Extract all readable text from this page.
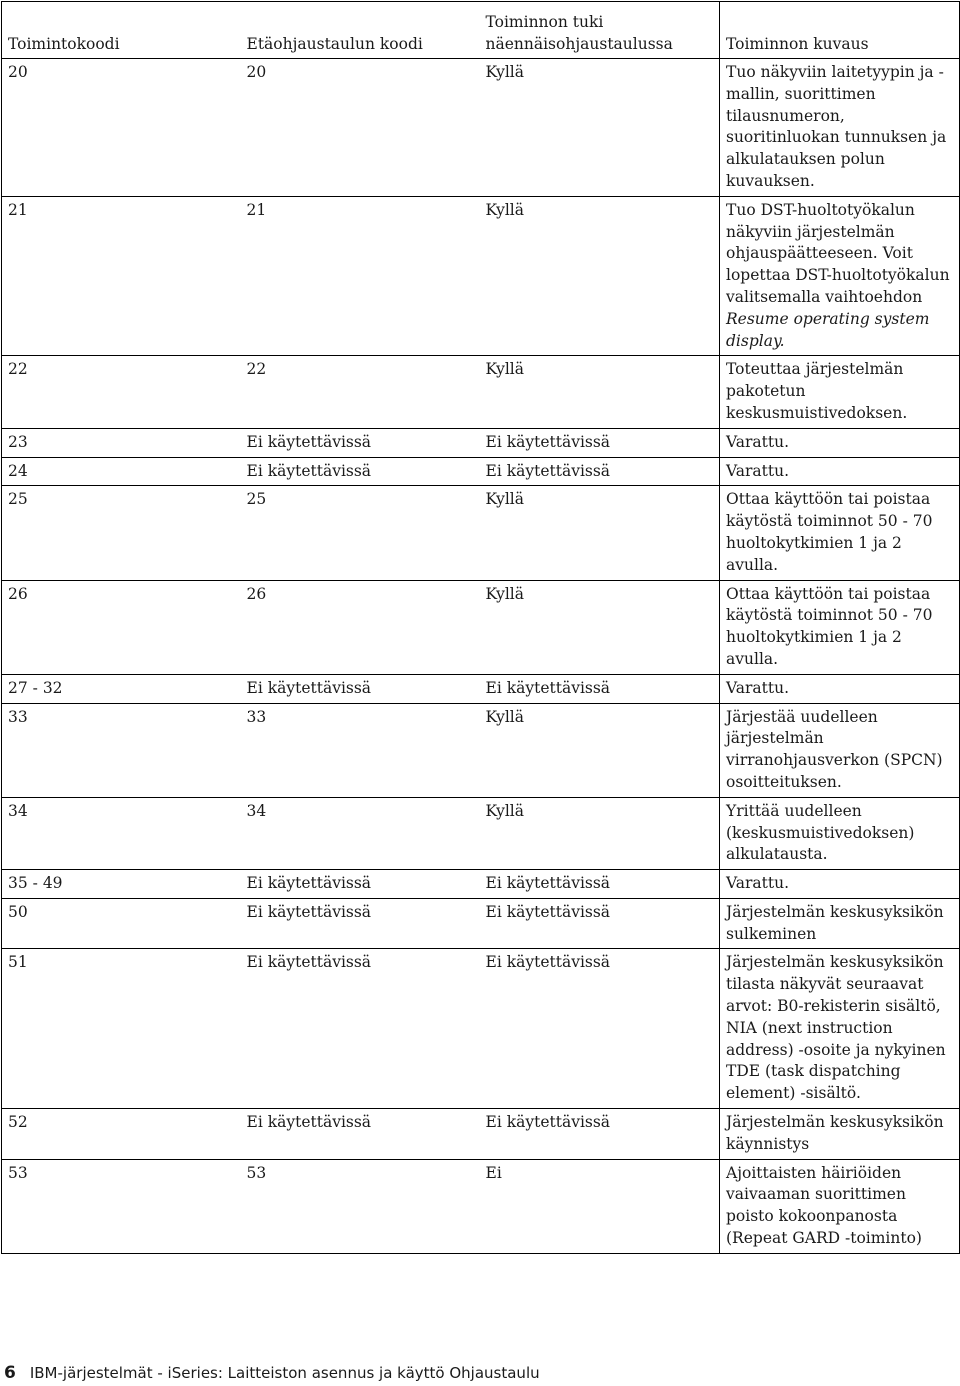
Toimintokoodi	Etäohjaustaulun koodi	Toiminnon tuki näennäisohjaustaulussa	Toiminnon kuvaus
20	20	Kyllä	Tuo näkyviin laitetyypin ja -mallin, suorittimen tilausnumeron, suoritinluokan tunnuksen ja alkulatauksen polun kuvauksen.
21	21	Kyllä	Tuo DST-huoltotyökalun näkyviin järjestelmän ohjauspäätteeseen. Voit lopettaa DST-huoltotyökalun valitsemalla vaihtoehdon Resume operating system display.
22	22	Kyllä	Toteuttaa järjestelmän pakotetun keskusmuistivedoksen.
23	Ei käytettävissä	Ei käytettävissä	Varattu.
24	Ei käytettävissä	Ei käytettävissä	Varattu.
25	25	Kyllä	Ottaa käyttöön tai poistaa käytöstä toiminnot 50 - 70 huoltokytkimien 1 ja 2 avulla.
26	26	Kyllä	Ottaa käyttöön tai poistaa käytöstä toiminnot 50 - 70 huoltokytkimien 1 ja 2 avulla.
27 - 32	Ei käytettävissä	Ei käytettävissä	Varattu.
33	33	Kyllä	Järjestää uudelleen järjestelmän virranohjausverkon (SPCN) osoitteituksen.
34	34	Kyllä	Yrittää uudelleen (keskusmuistivedoksen) alkulatausta.
35 - 49	Ei käytettävissä	Ei käytettävissä	Varattu.
50	Ei käytettävissä	Ei käytettävissä	Järjestelmän keskusyksikön sulkeminen
51	Ei käytettävissä	Ei käytettävissä	Järjestelmän keskusyksikön tilasta näkyvät seuraavat arvot: B0-rekisterin sisältö, NIA (next instruction address) -osoite ja nykyinen TDE (task dispatching element) -sisältö.
52	Ei käytettävissä	Ei käytettävissä	Järjestelmän keskusyksikön käynnistys
53	53	Ei	Ajoittaisten häiriöiden vaivaaman suorittimen poisto kokoonpanosta (Repeat GARD -toiminto)
6 IBM-järjestelmät - iSeries: Laitteiston asennus ja käyttö Ohjaustaulu
